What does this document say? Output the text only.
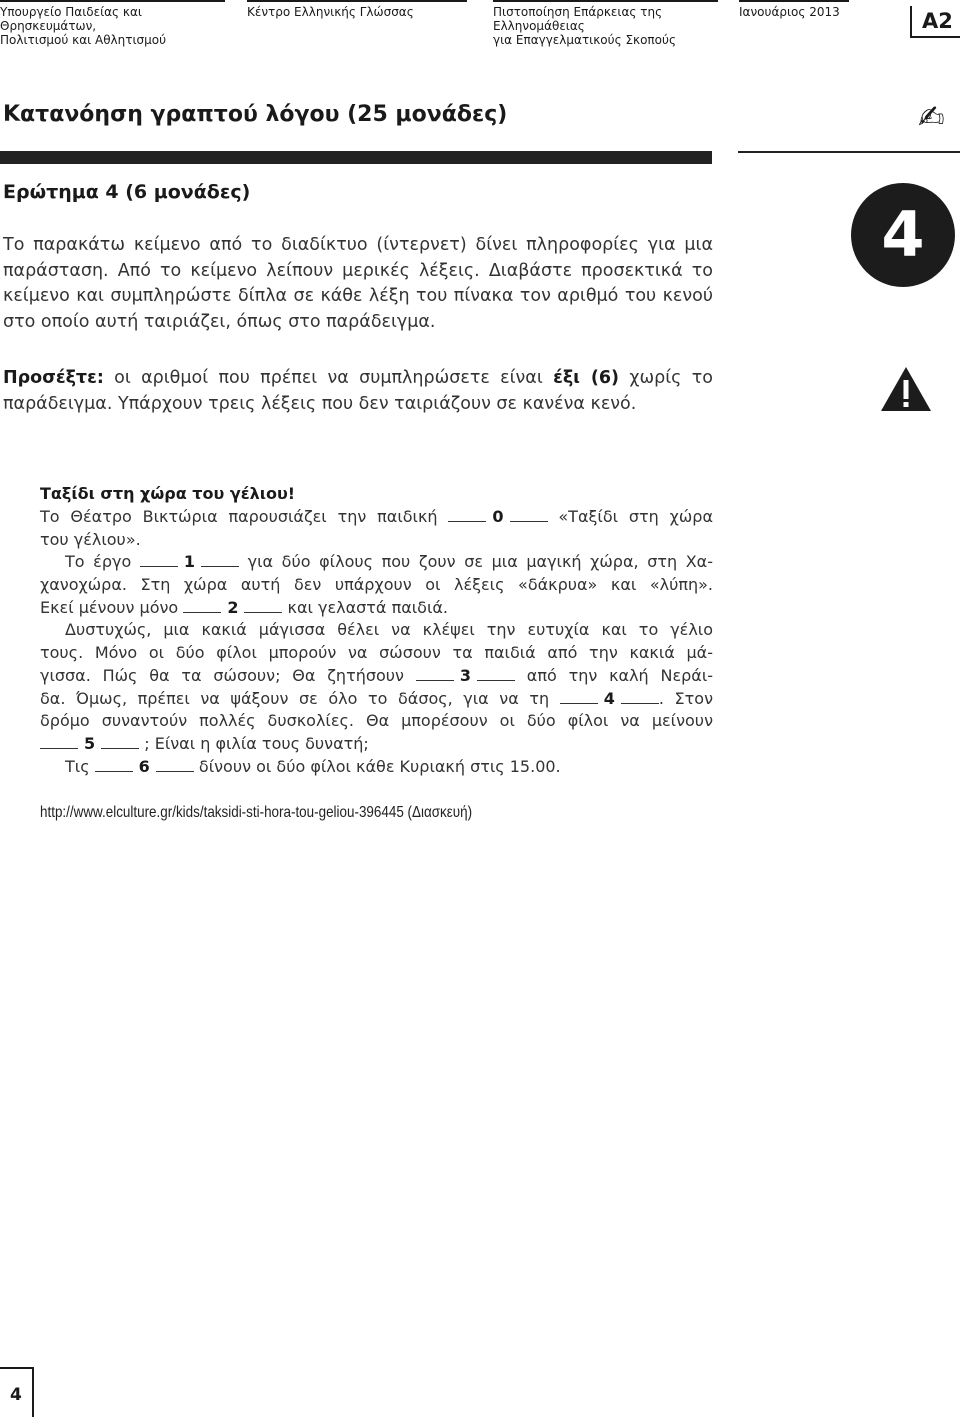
Υπουργείο Παιδείας και Θρησκευμάτων,
Πολιτισμού και Αθλητισμού
Κέντρο Ελληνικής Γλώσσας	Πιστοποίηση Επάρκειας της Ελληνομάθειας
για Επαγγελματικούς Σκοπούς
Ιανουάριος 2013	Α2
Κατανόηση γραπτού λόγου (25 μονάδες)	✍
Ερώτημα 4 (6 μονάδες)
4
Το παρακάτω κείμενο από το διαδίκτυο (ίντερνετ) δίνει πληροφορίες για μια παράσταση. Από το κείμενο λείπουν μερικές λέξεις. Διαβάστε προσεκτικά το κείμενο και συμπληρώστε δίπλα σε κάθε λέξη του πίνακα τον αριθμό του κενού στο οποίο αυτή ταιριάζει, όπως στο παράδειγμα.
Προσέξτε: οι αριθμοί που πρέπει να συμπληρώσετε είναι έξι (6) χωρίς το παράδειγμα. Υπάρχουν τρεις λέξεις που δεν ταιριάζουν σε κανένα κενό.
Ταξίδι στη χώρα του γέλιου!
Το Θέατρο Βικτώρια παρουσιάζει την παιδική	0	«Ταξίδι στη χώρα
του γέλιου».
Το έργο	1	για δύο φίλους που ζουν σε μια μαγική χώρα, στη Χα-
χανοχώρα. Στη χώρα αυτή δεν υπάρχουν οι λέξεις «δάκρυα» και «λύπη».
Εκεί μένουν μόνο	2	και γελαστά παιδιά.
Δυστυχώς, μια κακιά μάγισσα θέλει να κλέψει την ευτυχία και το γέλιο
τους. Μόνο οι δύο φίλοι μπορούν να σώσουν τα παιδιά από την κακιά μά-
γισσα. Πώς θα τα σώσουν; Θα ζητήσουν	3	από την καλή Νεράι-
δα. Όμως, πρέπει να ψάξουν σε όλο το δάσος, για να τη	4	. Στον
δρόμο συναντούν πολλές δυσκολίες. Θα μπορέσουν οι δύο φίλοι να μείνουν
5	; Είναι η φιλία τους δυνατή;
Τις	6	δίνουν οι δύο φίλοι κάθε Κυριακή στις 15.00.
http://www.elculture.gr/kids/taksidi-sti-hora-tou-geliou-396445 (Διασκευή)
4
